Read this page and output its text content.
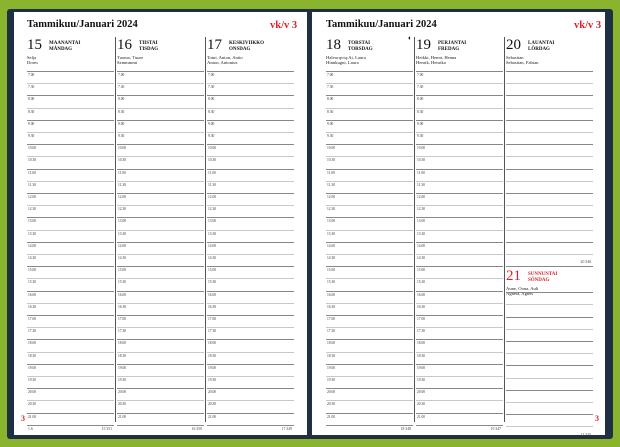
Tammikuu/Januari 2024	vk/v 3
3
15 MAANANTAI
MÅNDAG
Selja
Dores
7.00
7.30
8.00
8.30
9.00
9.30
10.00
10.30
11.00
11.30
12.00
12.30
13.00
13.30
14.00
14.30
15.00
15.30
16.00
16.30
17.00
17.30
18.00
18.30
19.00
19.30
20.00
20.30
21.00
15 351
16 TIISTAI
TISDAG
Tuomo, Tuure
Szmmmmi
7.00
7.30
8.00
8.30
9.00
9.30
10.00
10.30
11.00
11.30
12.00
12.30
13.00
13.30
14.00
14.30
15.00
15.30
16.00
16.30
17.00
17.30
18.00
18.30
19.00
19.30
20.00
20.30
21.00
16 350
17 KESKIVIIKKO
ONSDAG
Tomi, Anton, Antto
Anton, Antonius
7.00
7.30
8.00
8.30
9.00
9.30
10.00
10.30
11.00
11.30
12.00
12.30
13.00
13.30
14.00
14.30
15.00
15.30
16.00
16.30
17.00
17.30
18.00
18.30
19.00
19.30
20.00
20.30
21.00
17 349
1.6
Tammikuu/Januari 2024	vk/v 3
◐
3
18 TORSTAI
TORSDAG
Halvorqviq:Ai, Laura
Hinnkugni, Laura
7.00
7.30
8.00
8.30
9.00
9.30
10.00
10.30
11.00
11.30
12.00
12.30
13.00
13.30
14.00
14.30
15.00
15.30
16.00
16.30
17.00
17.30
18.00
18.30
19.00
19.30
20.00
20.30
21.00
18 348
19 PERJANTAI
FREDAG
Heikki, Henni, Henna
Henrik, Henrika
7.00
7.30
8.00
8.30
9.00
9.30
10.00
10.30
11.00
11.30
12.00
12.30
13.00
13.30
14.00
14.30
15.00
15.30
16.00
16.30
17.00
17.30
18.00
18.30
19.00
19.30
20.00
20.30
21.00
19 347
20 LAUANTAI
LÖRDAG
Sebastian
Sebastian, Fabian
20 346
21 SUNNUNTAI
SÖNDAG
Aune, Oona, Auli
Agneta, Agnes
21 345
